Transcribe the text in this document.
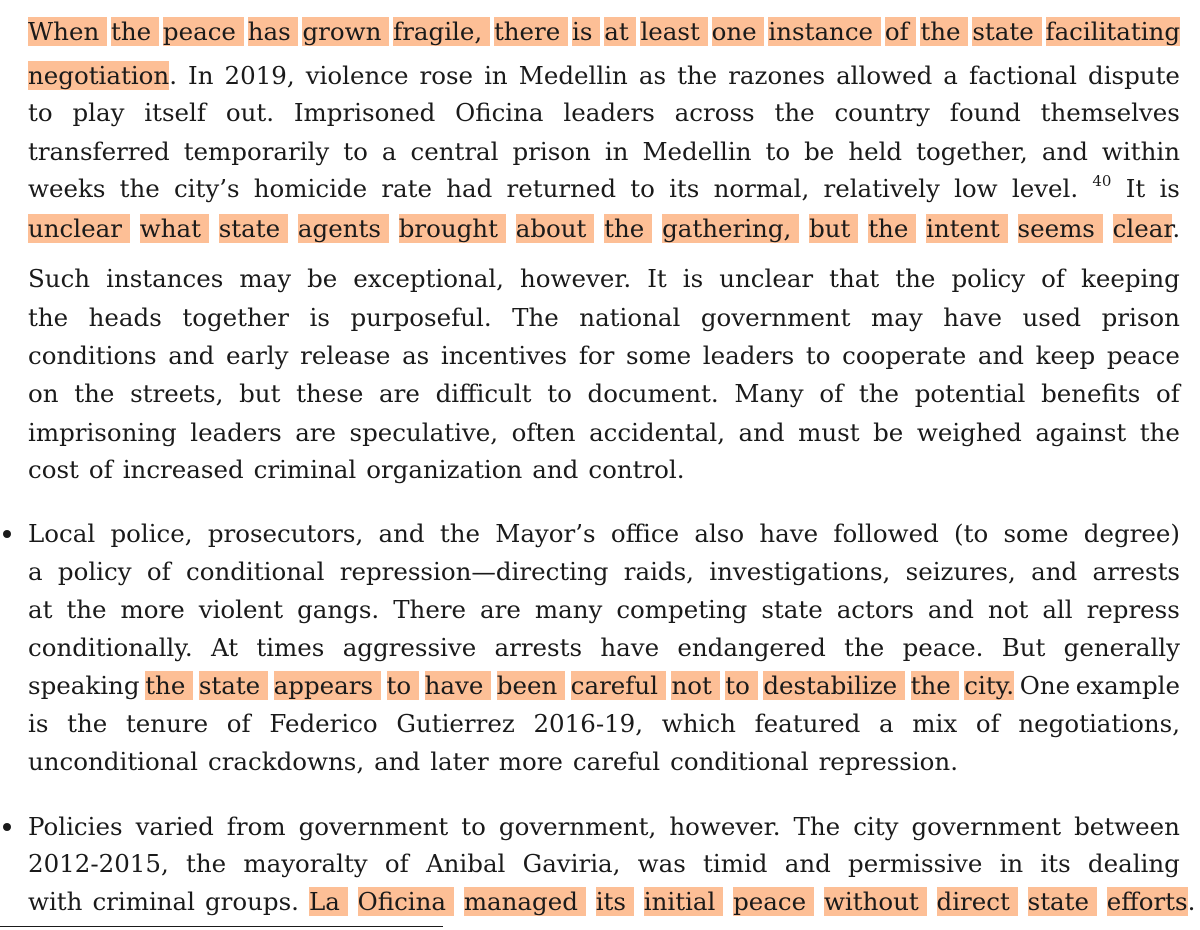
When the peace has grown fragile, there is at least one instance of the state facilitating
negotiation. In 2019, violence rose in Medellin as the razones allowed a factional dispute
to play itself out. Imprisoned Oficina leaders across the country found themselves
transferred temporarily to a central prison in Medellin to be held together, and within
weeks the city’s homicide rate had returned to its normal, relatively low level. $^{40}$ It is
unclear what state agents brought about the gathering, but the intent seems clear.
Such instances may be exceptional, however. It is unclear that the policy of keeping
the heads together is purposeful. The national government may have used prison
conditions and early release as incentives for some leaders to cooperate and keep peace
on the streets, but these are difficult to document. Many of the potential benefits of
imprisoning leaders are speculative, often accidental, and must be weighed against the
cost of increased criminal organization and control.
Local police, prosecutors, and the Mayor’s office also have followed (to some degree)
a policy of conditional repression—directing raids, investigations, seizures, and arrests
at the more violent gangs. There are many competing state actors and not all repress
conditionally. At times aggressive arrests have endangered the peace. But generally
speaking the state appears to have been careful not to destabilize the city. One example
is the tenure of Federico Gutierrez 2016-19, which featured a mix of negotiations,
unconditional crackdowns, and later more careful conditional repression.
Policies varied from government to government, however. The city government between
2012-2015, the mayoralty of Anibal Gaviria, was timid and permissive in its dealing
with criminal groups. La Oficina managed its initial peace without direct state efforts.
